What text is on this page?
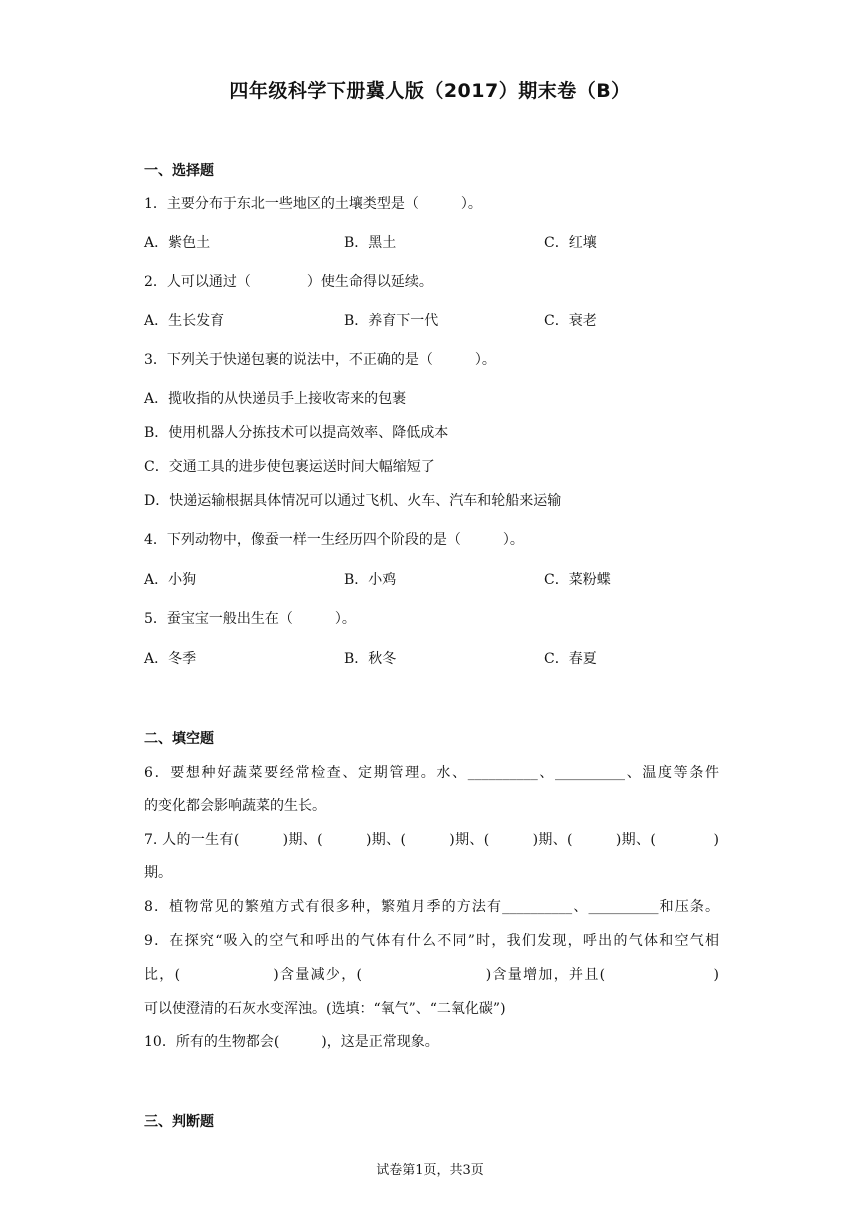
四年级科学下册冀人版（2017）期末卷（B）
一、选择题
1．主要分布于东北一些地区的土壤类型是（　　　）。
A．紫色土	B．黑土	C．红壤
2．人可以通过（　　　　）使生命得以延续。
A．生长发育	B．养育下一代	C．衰老
3．下列关于快递包裹的说法中，不正确的是（　　　）。
A．揽收指的从快递员手上接收寄来的包裹
B．使用机器人分拣技术可以提高效率、降低成本
C．交通工具的进步使包裹运送时间大幅缩短了
D．快递运输根据具体情况可以通过飞机、火车、汽车和轮船来运输
4．下列动物中，像蚕一样一生经历四个阶段的是（　　　）。
A．小狗	B．小鸡	C．菜粉蝶
5．蚕宝宝一般出生在（　　　）。
A．冬季	B．秋冬	C．春夏
二、填空题
6．要想种好蔬菜要经常检查、定期管理。水、__________、__________、温度等条件
的变化都会影响蔬菜的生长。
7. 人的一生有(　　　)期、(　　　)期、(　　　)期、(　　　)期、(　　　)期、(　　　　)
期。
8．植物常见的繁殖方式有很多种，繁殖月季的方法有__________、__________和压条。
9．在探究“吸入的空气和呼出的气体有什么不同”时，我们发现，呼出的气体和空气相
比，(　　　　　　)含量减少，(　　　　　　　　)含量增加，并且(　　　　　　　)
可以使澄清的石灰水变浑浊。(选填：“氧气”、“二氧化碳”)
10．所有的生物都会(　　　)，这是正常现象。
三、判断题
试卷第1页，共3页
